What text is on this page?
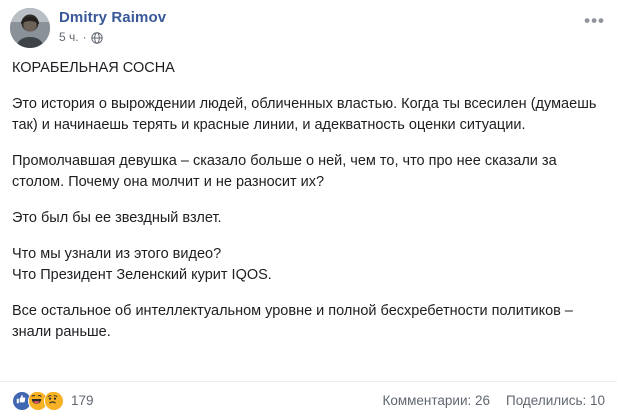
Dmitry Raimov
5 ч. ·
•••

КОРАБЕЛЬНАЯ СОСНА

Это история о вырождении людей, обличенных властью. Когда ты всесилен (думаешь так) и начинаешь терять и красные линии, и адекватность оценки ситуации.

Промолчавшая девушка – сказало больше о ней, чем то, что про нее сказали за столом. Почему она молчит и не разносит их?

Это был бы ее звездный взлет.

Что мы узнали из этого видео?

Что Президент Зеленский курит IQOS.

Все остальное об интеллектуальном уровне и полной бесхребетности политиков – знали раньше.

179	Комментарии: 26 Поделились: 10
